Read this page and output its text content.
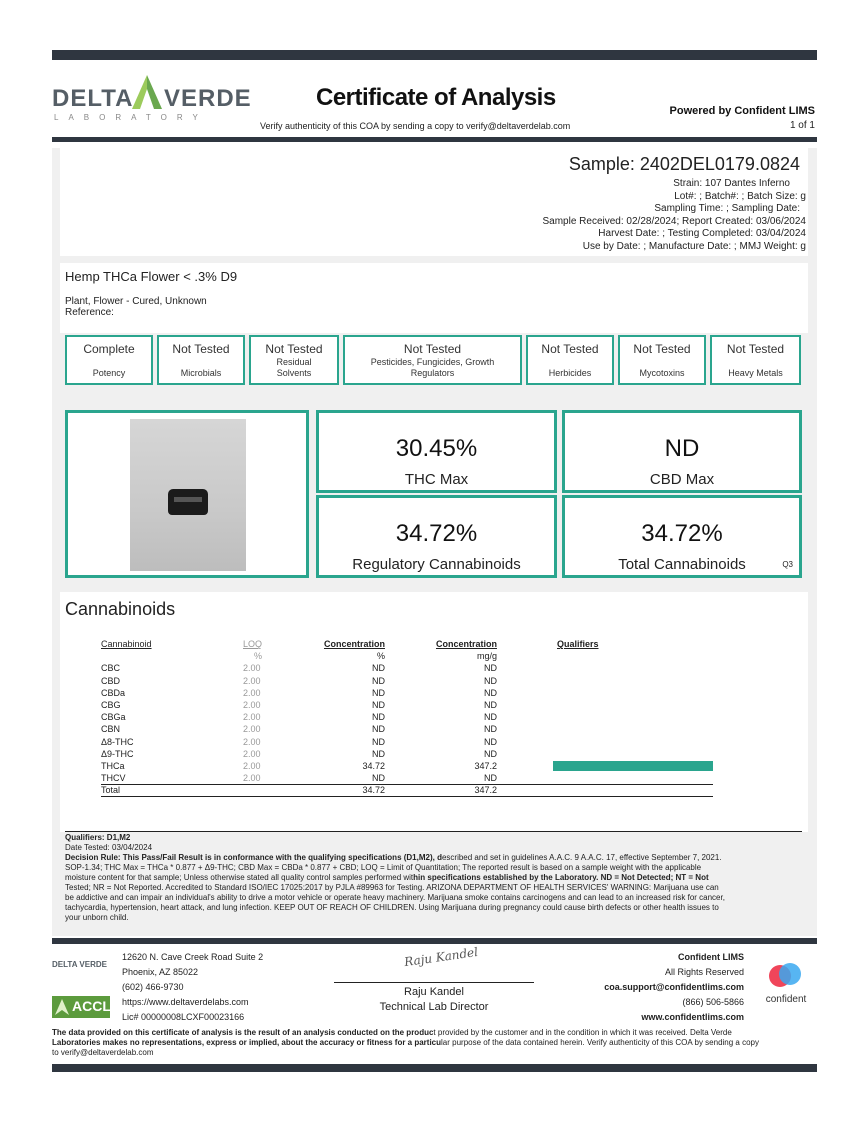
DELTA VERDE
LABORATORY
Certificate of Analysis
Verify authenticity of this COA by sending a copy to verify@deltaverdelab.com
Powered by Confident LIMS
1 of 1
Sample: 2402DEL0179.0824
Strain: 107 Dantes Inferno
Lot#: ; Batch#: ; Batch Size: g
Sampling Time: ; Sampling Date:
Sample Received: 02/28/2024; Report Created: 03/06/2024
Harvest Date: ; Testing Completed: 03/04/2024
Use by Date: ; Manufacture Date: ; MMJ Weight: g
Hemp THCa Flower < .3% D9
Plant, Flower - Cured, Unknown
Reference:
Complete
Potency
Not Tested
Microbials
Not Tested
Residual Solvents
Not Tested
Pesticides, Fungicides, Growth Regulators
Not Tested
Herbicides
Not Tested
Mycotoxins
Not Tested
Heavy Metals
30.45%
THC Max
ND
CBD Max
34.72%
Regulatory Cannabinoids
34.72%
Total Cannabinoids	Q3
Cannabinoids
Cannabinoid	LOQ	Concentration	Concentration	Qualifiers
	%	%	mg/g	
CBC	2.00	ND	ND	
CBD	2.00	ND	ND	
CBDa	2.00	ND	ND	
CBG	2.00	ND	ND	
CBGa	2.00	ND	ND	
CBN	2.00	ND	ND	
Δ8-THC	2.00	ND	ND	
Δ9-THC	2.00	ND	ND	
THCa	2.00	34.72	347.2	

THCV	2.00	ND	ND	
Total		34.72	347.2	
Qualifiers: D1,M2
Date Tested: 03/04/2024
Decision Rule: This Pass/Fail Result is in conformance with the qualifying specifications (D1,M2), described and set in guidelines A.A.C. 9 A.A.C. 17, effective September 7, 2021.
SOP-1.34; THC Max = THCa * 0.877 + Δ9-THC; CBD Max = CBDa * 0.877 + CBD; LOQ = Limit of Quantitation; The reported result is based on a sample weight with the applicable
moisture content for that sample; Unless otherwise stated all quality control samples performed within specifications established by the Laboratory. ND = Not Detected; NT = Not
Tested; NR = Not Reported. Accredited to Standard ISO/IEC 17025:2017 by PJLA #89963 for Testing. ARIZONA DEPARTMENT OF HEALTH SERVICES' WARNING: Marijuana use can
be addictive and can impair an individual's ability to drive a motor vehicle or operate heavy machinery. Marijuana smoke contains carcinogens and can lead to an increased risk for cancer,
tachycardia, hypertension, heart attack, and lung infection. KEEP OUT OF REACH OF CHILDREN. Using Marijuana during pregnancy could cause birth defects or other health issues to
your unborn child.
DELTA VERDE
ACCL
12620 N. Cave Creek Road Suite 2
Phoenix, AZ 85022
(602) 466-9730
https://www.deltaverdelabs.com
Lic# 00000008LCXF00023166
Raju Kandel
Raju Kandel
Technical Lab Director
Confident LIMS
All Rights Reserved
coa.support@confidentlims.com
(866) 506-5866
www.confidentlims.com
confident
The data provided on this certificate of analysis is the result of an analysis conducted on the product provided by the customer and in the condition in which it was received. Delta Verde
Laboratories makes no representations, express or implied, about the accuracy or fitness for a particular purpose of the data contained herein. Verify authenticity of this COA by sending a copy
to verify@deltaverdelab.com
